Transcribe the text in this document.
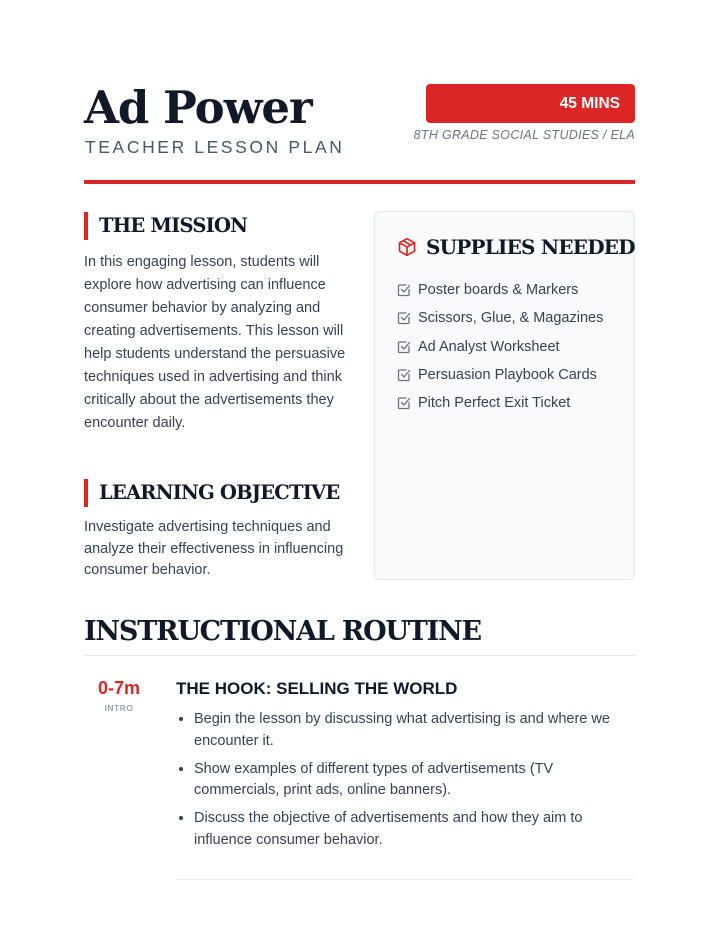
Ad Power
TEACHER LESSON PLAN
45 MINS
8TH GRADE SOCIAL STUDIES / ELA
THE MISSION

In this engaging lesson, students will explore how advertising can influence consumer behavior by analyzing and creating advertisements. This lesson will help students understand the persuasive techniques used in advertising and think critically about the advertisements they encounter daily.

LEARNING OBJECTIVE

Investigate advertising techniques and analyze their effectiveness in influencing consumer behavior.

SUPPLIES NEEDED
Poster boards & Markers
Scissors, Glue, & Magazines
Ad Analyst Worksheet
Persuasion Playbook Cards
Pitch Perfect Exit Ticket
INSTRUCTIONAL ROUTINE
0-7m
INTRO
THE HOOK: SELLING THE WORLD
• Begin the lesson by discussing what advertising is and where we encounter it.
• Show examples of different types of advertisements (TV commercials, print ads, online banners).
• Discuss the objective of advertisements and how they aim to influence consumer behavior.
